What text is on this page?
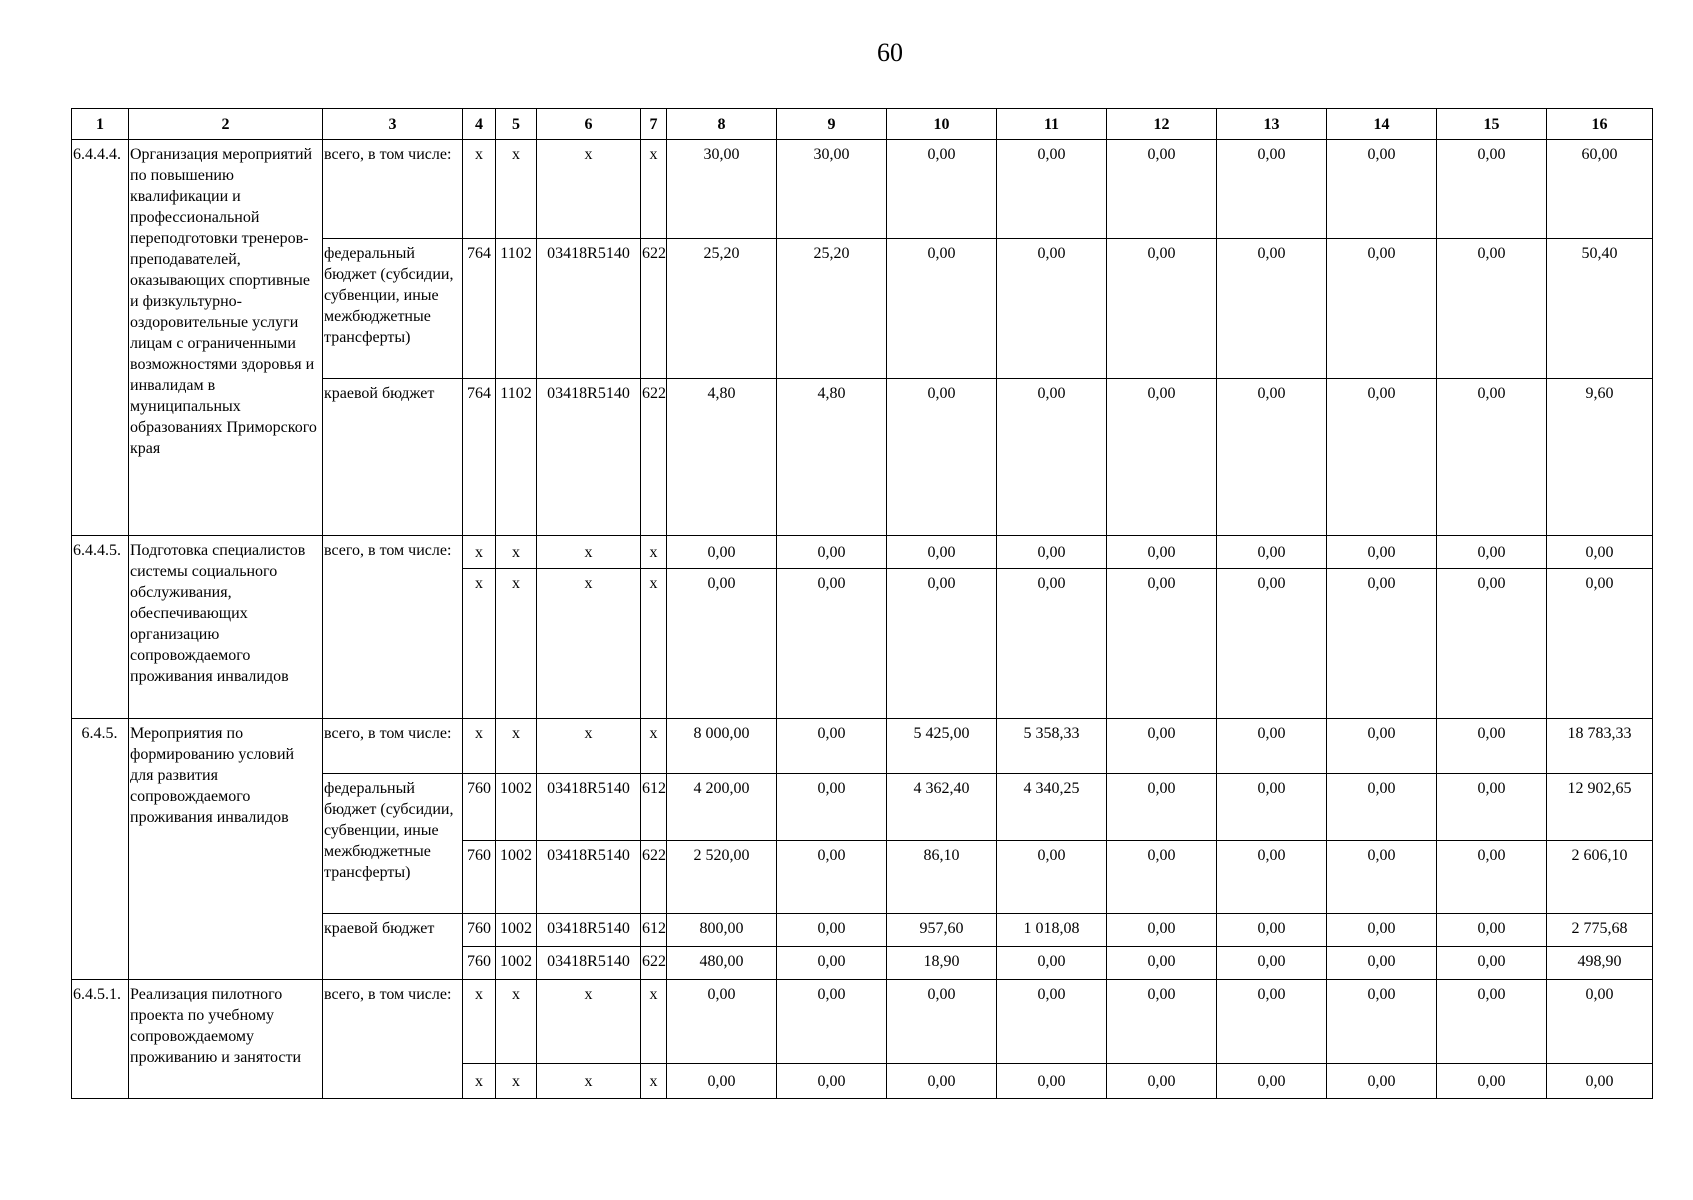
60
1	2	3	4	5	6	7	8	9	10	11	12	13	14	15	16
6.4.4.4.	Организация мероприятий по повышению квалификации и профессиональной переподготовки тренеров-преподавателей, оказывающих спортивные и физкультурно-оздоровительные услуги лицам с ограниченными возможностями здоровья и инвалидам в муниципальных образованиях Приморского края	всего, в том числе:	x	x	x	x	30,00	30,00	0,00	0,00	0,00	0,00	0,00	0,00	60,00
		федеральный бюджет (субсидии, субвенции, иные межбюджетные трансферты)	764	1102	03418R5140	622	25,20	25,20	0,00	0,00	0,00	0,00	0,00	0,00	50,40
		краевой бюджет	764	1102	03418R5140	622	4,80	4,80	0,00	0,00	0,00	0,00	0,00	0,00	9,60
6.4.4.5.	Подготовка специалистов системы социального обслуживания, обеспечивающих организацию сопровождаемого проживания инвалидов	всего, в том числе:	x	x	x	x	0,00	0,00	0,00	0,00	0,00	0,00	0,00	0,00	0,00
			x	x	x	x	0,00	0,00	0,00	0,00	0,00	0,00	0,00	0,00	0,00
6.4.5.	Мероприятия по формированию условий для развития сопровождаемого проживания инвалидов	всего, в том числе:	x	x	x	x	8 000,00	0,00	5 425,00	5 358,33	0,00	0,00	0,00	0,00	18 783,33
		федеральный бюджет (субсидии, субвенции, иные межбюджетные трансферты)	760	1002	03418R5140	612	4 200,00	0,00	4 362,40	4 340,25	0,00	0,00	0,00	0,00	12 902,65
			760	1002	03418R5140	622	2 520,00	0,00	86,10	0,00	0,00	0,00	0,00	0,00	2 606,10
		краевой бюджет	760	1002	03418R5140	612	800,00	0,00	957,60	1 018,08	0,00	0,00	0,00	0,00	2 775,68
			760	1002	03418R5140	622	480,00	0,00	18,90	0,00	0,00	0,00	0,00	0,00	498,90
6.4.5.1.	Реализация пилотного проекта по учебному сопровождаемому проживанию и занятости	всего, в том числе:	x	x	x	x	0,00	0,00	0,00	0,00	0,00	0,00	0,00	0,00	0,00
			x	x	x	x	0,00	0,00	0,00	0,00	0,00	0,00	0,00	0,00	0,00
